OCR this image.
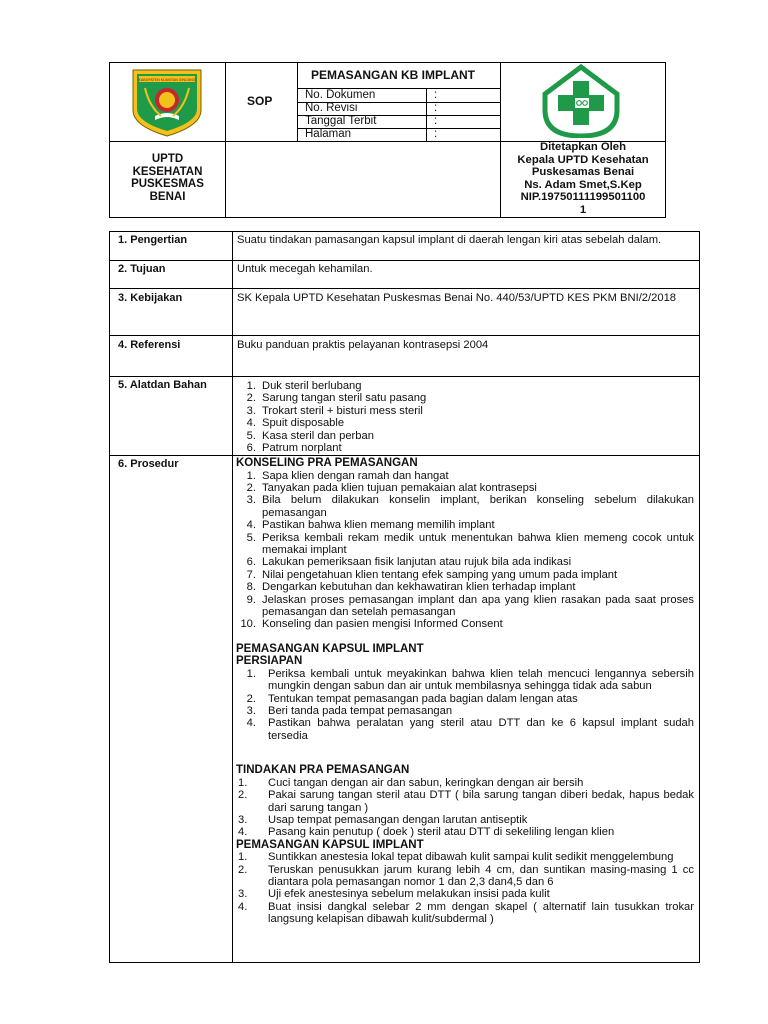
KABUPATEN KUANTAN SINGINGI
SOP
PEMASANGAN KB IMPLANT
No. Dokumen	:
No. Revisi	:
Tanggal Terbit	:
Halaman	:
UPTD
KESEHATAN
PUSKESMAS
BENAI
Ditetapkan Oleh
Kepala UPTD Kesehatan
Puskesamas Benai
Ns. Adam Smet,S.Kep
NIP.19750111199501100
1
1. Pengertian	Suatu tindakan pamasangan kapsul implant di daerah lengan kiri atas sebelah dalam.
2. Tujuan	Untuk mecegah kehamilan.
3. Kebijakan	SK Kepala UPTD Kesehatan Puskesmas Benai No. 440/53/UPTD KES PKM BNI/2/2018
4. Referensi	Buku panduan praktis pelayanan kontrasepsi 2004
5. Alatdan Bahan	1. Duk steril berlubang
2. Sarung tangan steril satu pasang
3. Trokart steril + bisturi mess steril
4. Spuit disposable
5. Kasa steril dan perban
6. Patrum norplant
6. Prosedur	KONSELING PRA PEMASANGAN
1. Sapa klien dengan ramah dan hangat
2. Tanyakan pada klien tujuan pemakaian alat kontrasepsi
3. Bila belum dilakukan konselin implant, berikan konseling sebelum dilakukan pemasangan
4. Pastikan bahwa klien memang memilih implant
5. Periksa kembali rekam medik untuk menentukan bahwa klien memeng cocok untuk memakai implant
6. Lakukan pemeriksaan fisik lanjutan atau rujuk bila ada indikasi
7. Nilai pengetahuan klien tentang efek samping yang umum pada implant
8. Dengarkan kebutuhan dan kekhawatiran klien terhadap implant
9. Jelaskan proses pemasangan implant dan apa yang klien rasakan pada saat proses pemasangan dan setelah pemasangan
10. Konseling dan pasien mengisi Informed Consent
PEMASANGAN KAPSUL IMPLANT
PERSIAPAN
1. Periksa kembali untuk meyakinkan bahwa klien telah mencuci lengannya sebersih mungkin dengan sabun dan air untuk membilasnya sehingga tidak ada sabun
2. Tentukan tempat pemasangan pada bagian dalam lengan atas
3. Beri tanda pada tempat pemasangan
4. Pastikan bahwa peralatan yang steril atau DTT dan ke 6 kapsul implant sudah tersedia
TINDAKAN PRA PEMASANGAN
1.	Cuci tangan dengan air dan sabun, keringkan dengan air bersih
2.	Pakai sarung tangan steril atau DTT ( bila sarung tangan diberi bedak, hapus bedak dari sarung tangan )
3.	Usap tempat pemasangan dengan larutan antiseptik
4.	Pasang kain penutup ( doek ) steril atau DTT di sekeliling lengan klien
PEMASANGAN KAPSUL IMPLANT
1.	Suntikkan anestesia lokal tepat dibawah kulit sampai kulit sedikit menggelembung
2.	Teruskan penusukkan jarum kurang lebih 4 cm, dan suntikan masing-masing 1 cc diantara pola pemasangan nomor 1 dan 2,3 dan4,5 dan 6
3.	Uji efek anestesinya sebelum melakukan insisi pada kulit
4.	Buat insisi dangkal selebar 2 mm dengan skapel ( alternatif lain tusukkan trokar langsung kelapisan dibawah kulit/subdermal )
